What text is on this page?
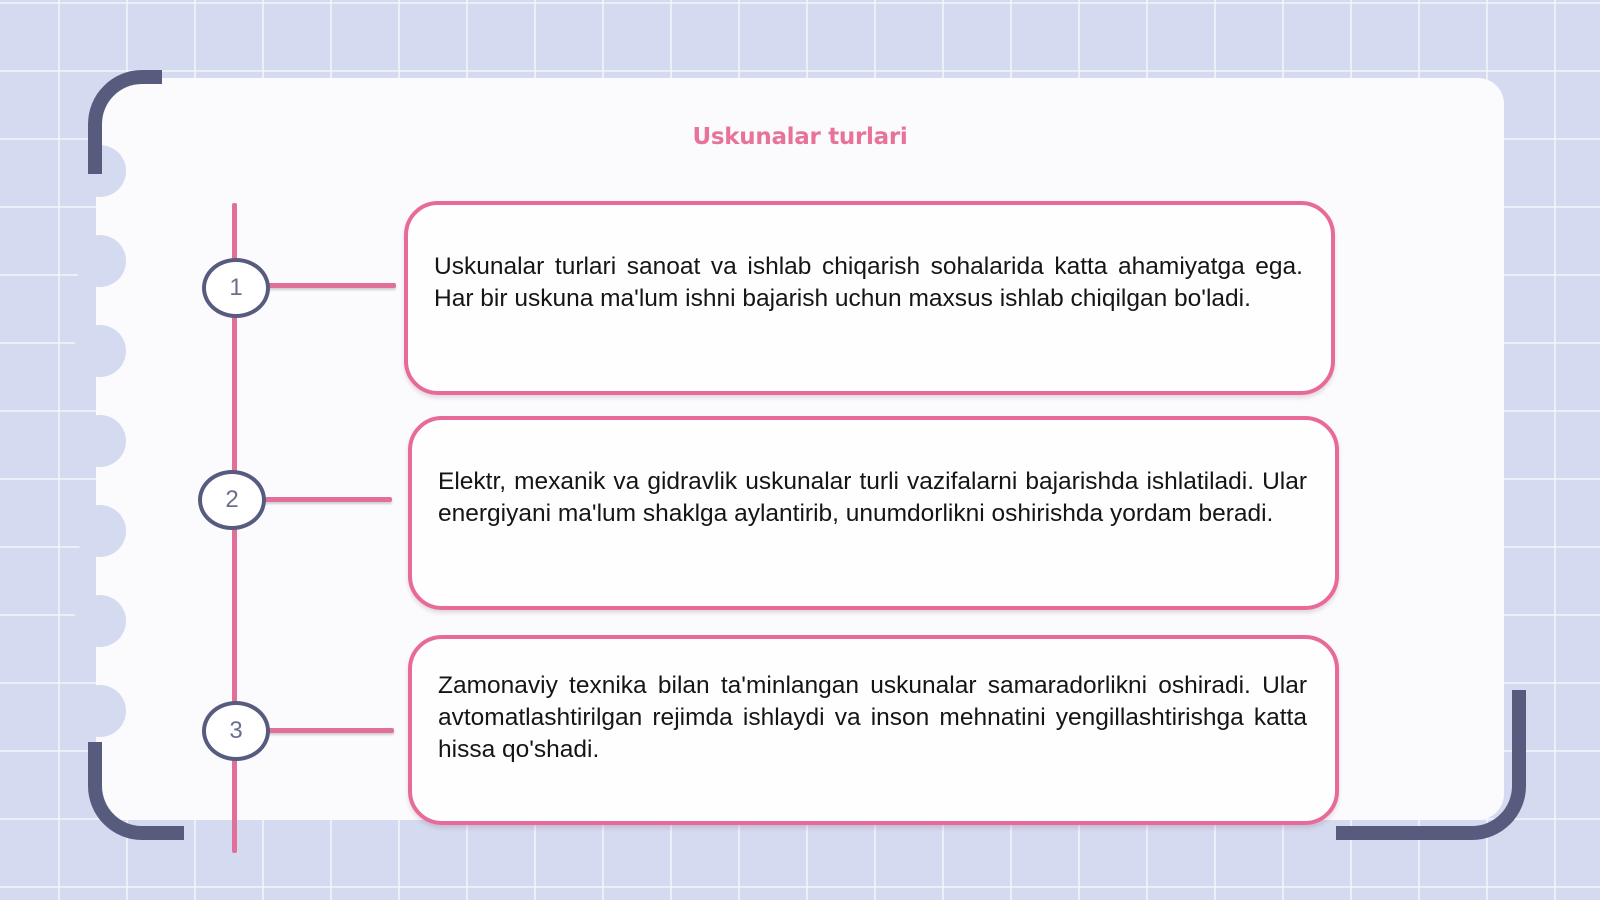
Uskunalar turlari
1
2
3

Uskunalar turlari sanoat va ishlab chiqarish sohalarida katta ahamiyatga ega. Har bir uskuna ma'lum ishni bajarish uchun maxsus ishlab chiqilgan bo'ladi.

Elektr, mexanik va gidravlik uskunalar turli vazifalarni bajarishda ishlatiladi. Ular energiyani ma'lum shaklga aylantirib, unumdorlikni oshirishda yordam beradi.

Zamonaviy texnika bilan ta'minlangan uskunalar samaradorlikni oshiradi. Ular avtomatlashtirilgan rejimda ishlaydi va inson mehnatini yengillashtirishga katta hissa qo'shadi.
